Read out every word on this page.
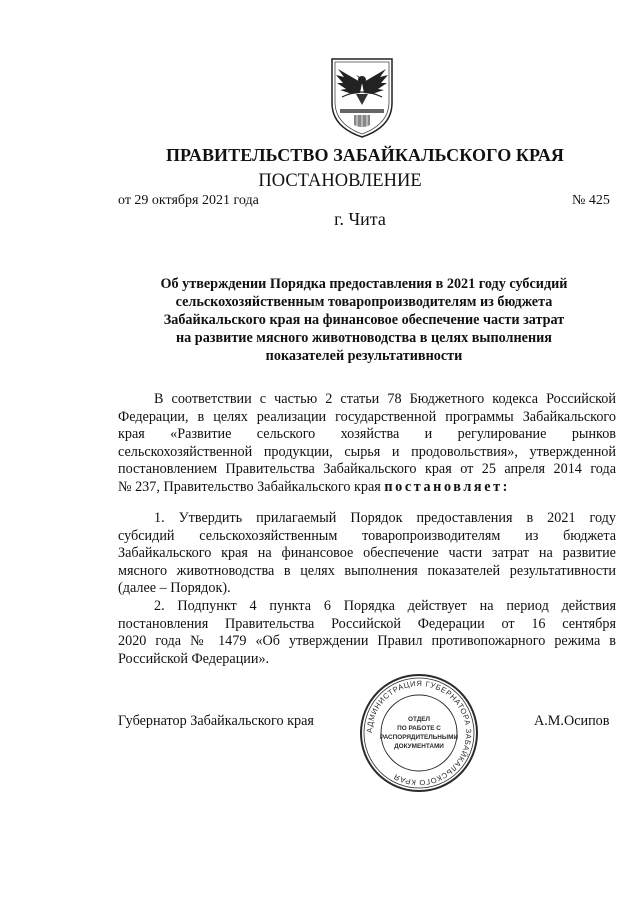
ПРАВИТЕЛЬСТВО ЗАБАЙКАЛЬСКОГО КРАЯ
ПОСТАНОВЛЕНИЕ
от 29 октября 2021 года	№ 425
г. Чита
Об утверждении Порядка предоставления в 2021 году субсидий
сельскохозяйственным товаропроизводителям из бюджета
Забайкальского края на финансовое обеспечение части затрат
на развитие мясного животноводства в целях выполнения
показателей результативности
В соответствии с частью 2 статьи 78 Бюджетного кодекса Российской
Федерации, в целях реализации государственной программы Забайкальского
края «Развитие сельского хозяйства и регулирование рынков
сельскохозяйственной продукции, сырья и продовольствия», утвержденной
постановлением Правительства Забайкальского края от 25 апреля 2014 года
№ 237, Правительство Забайкальского края постановляет:
1. Утвердить прилагаемый Порядок предоставления в 2021 году
субсидий сельскохозяйственным товаропроизводителям из бюджета
Забайкальского края на финансовое обеспечение части затрат на развитие
мясного животноводства в целях выполнения показателей результативности
(далее – Порядок).
2. Подпункт 4 пункта 6 Порядка действует на период действия
постановления Правительства Российской Федерации от 16 сентября
2020 года № 1479 «Об утверждении Правил противопожарного режима в
Российской Федерации».
Губернатор Забайкальского края	А.М.Осипов
АДМИНИСТРАЦИЯ ГУБЕРНАТОРА ЗАБАЙКАЛЬСКОГО КРАЯ
ОТДЕЛ
ПО РАБОТЕ С
РАСПОРЯДИТЕЛЬНЫМИ
ДОКУМЕНТАМИ
